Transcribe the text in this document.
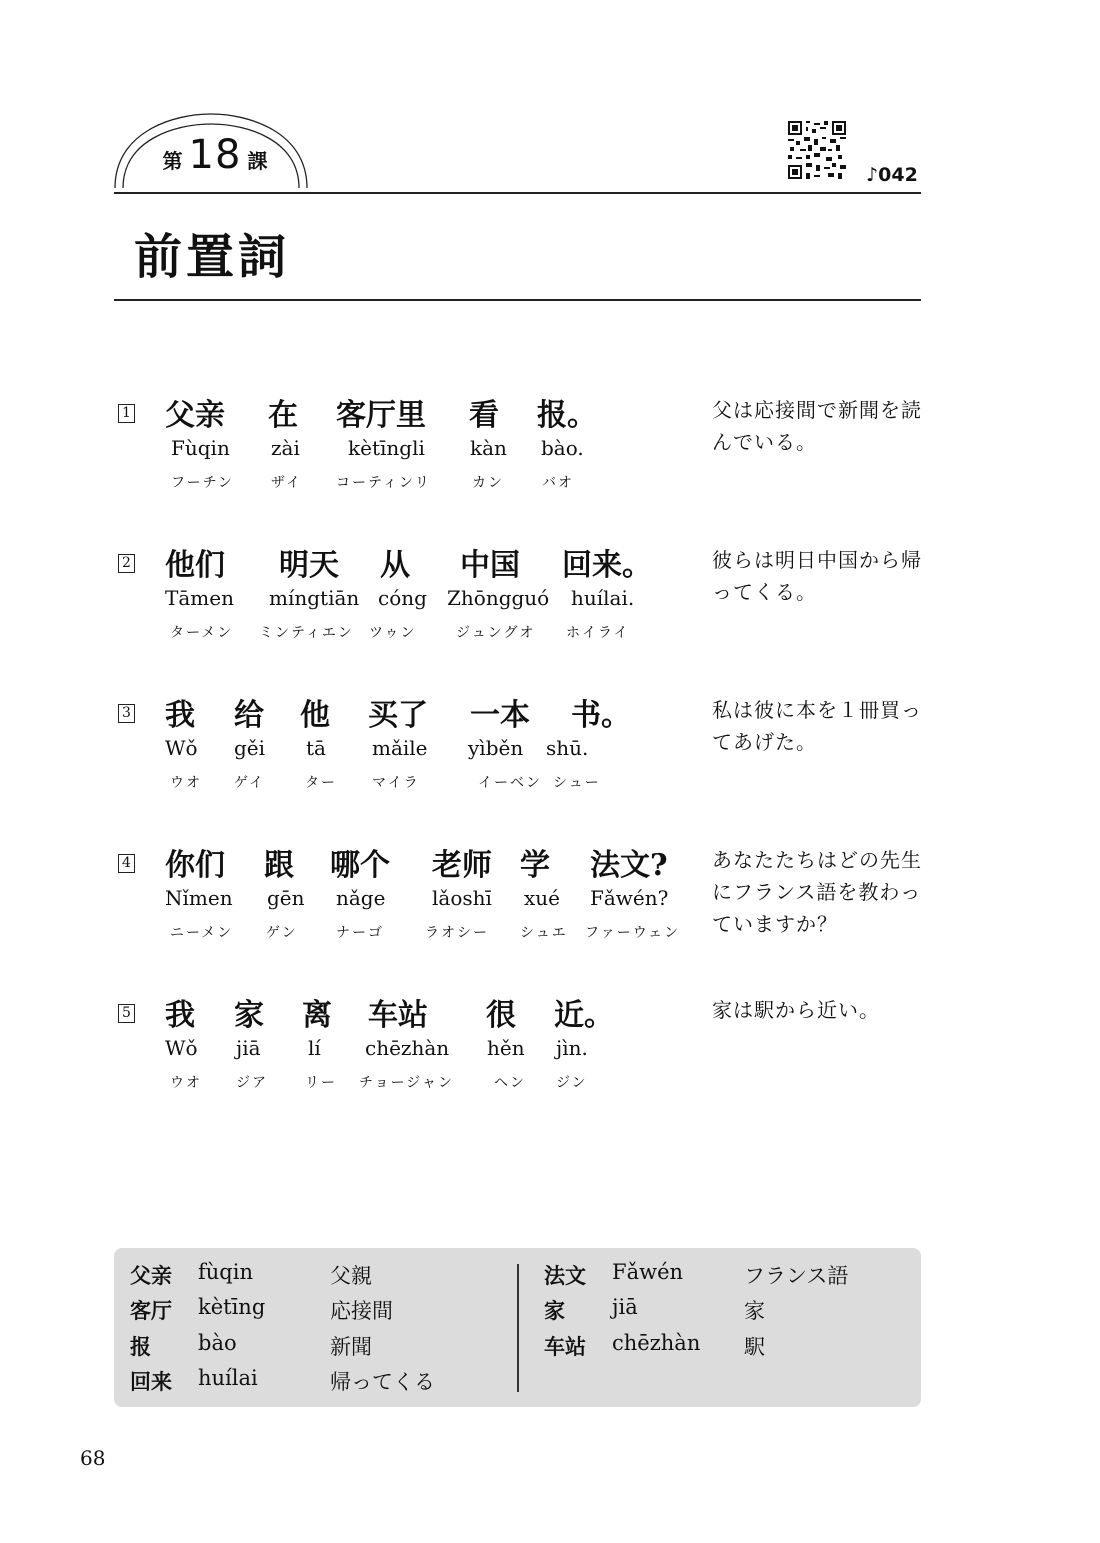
第 18 課
前置詞
♪042
1 父亲 在 客厅里 看 报。
Fùqin zài kètīngli kàn bào.
フーチン	ザイ コーティンリ	カン	バオ
父は応接間で新聞を読んでいる。
2 他们 明天 从 中国 回来。
Tāmen míngtiān cóng Zhōngguó huílai.
ターメン ミンティエン ツゥン	ジュングオ ホイライ
彼らは明日中国から帰ってくる。
3 我 给 他 买了 一本 书。
Wǒ gěi tā mǎile yìběn shū.
ウオ ゲイ	ター	マイラ	イーベン シュー
私は彼に本を１冊買ってあげた。
4 你们 跟 哪个 老师 学 法文?
Nǐmen gēn nǎge lǎoshī xué Fǎwén?
ニーメン ゲン	ナーゴ	ラオシー シュエ ファーウェン
あなたたちはどの先生にフランス語を教わっていますか？
5 我 家 离 车站 很 近。
Wǒ jiā lí chēzhàn hěn jìn.
ウオ ジア	リー チョージャン	ヘン ジン
家は駅から近い。
父亲 fùqin	父親
客厅 kètīng	応接間
报 bào	新聞
回来 huílai	帰ってくる
法文 Fǎwén	フランス語
家 jiā	家
车站 chēzhàn 駅
68
